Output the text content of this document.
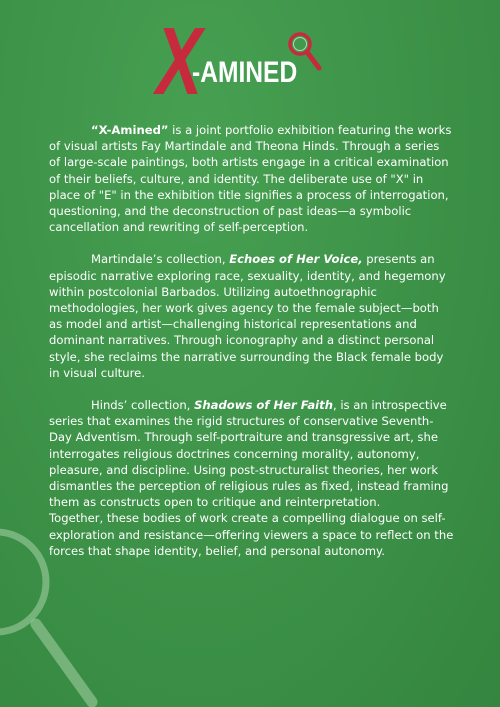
X
-AMINED

“X-Amined” is a joint portfolio exhibition featuring the works of visual artists Fay Martindale and Theona Hinds. Through a series of large-scale paintings, both artists engage in a critical examination of their beliefs, culture, and identity. The deliberate use of "X" in place of "E" in the exhibition title signifies a process of interrogation, questioning, and the deconstruction of past ideas—a symbolic cancellation and rewriting of self-perception.

Martindale’s collection, Echoes of Her Voice, presents an episodic narrative exploring race, sexuality, identity, and hegemony within postcolonial Barbados. Utilizing autoethnographic methodologies, her work gives agency to the female subject—both as model and artist—challenging historical representations and dominant narratives. Through iconography and a distinct personal style, she reclaims the narrative surrounding the Black female body in visual culture.

Hinds’ collection, Shadows of Her Faith, is an introspective series that examines the rigid structures of conservative Seventh-Day Adventism. Through self-portraiture and transgressive art, she interrogates religious doctrines concerning morality, autonomy, pleasure, and discipline. Using post-structuralist theories, her work dismantles the perception of religious rules as fixed, instead framing them as constructs open to critique and reinterpretation.

Together, these bodies of work create a compelling dialogue on self-exploration and resistance—offering viewers a space to reflect on the forces that shape identity, belief, and personal autonomy.
